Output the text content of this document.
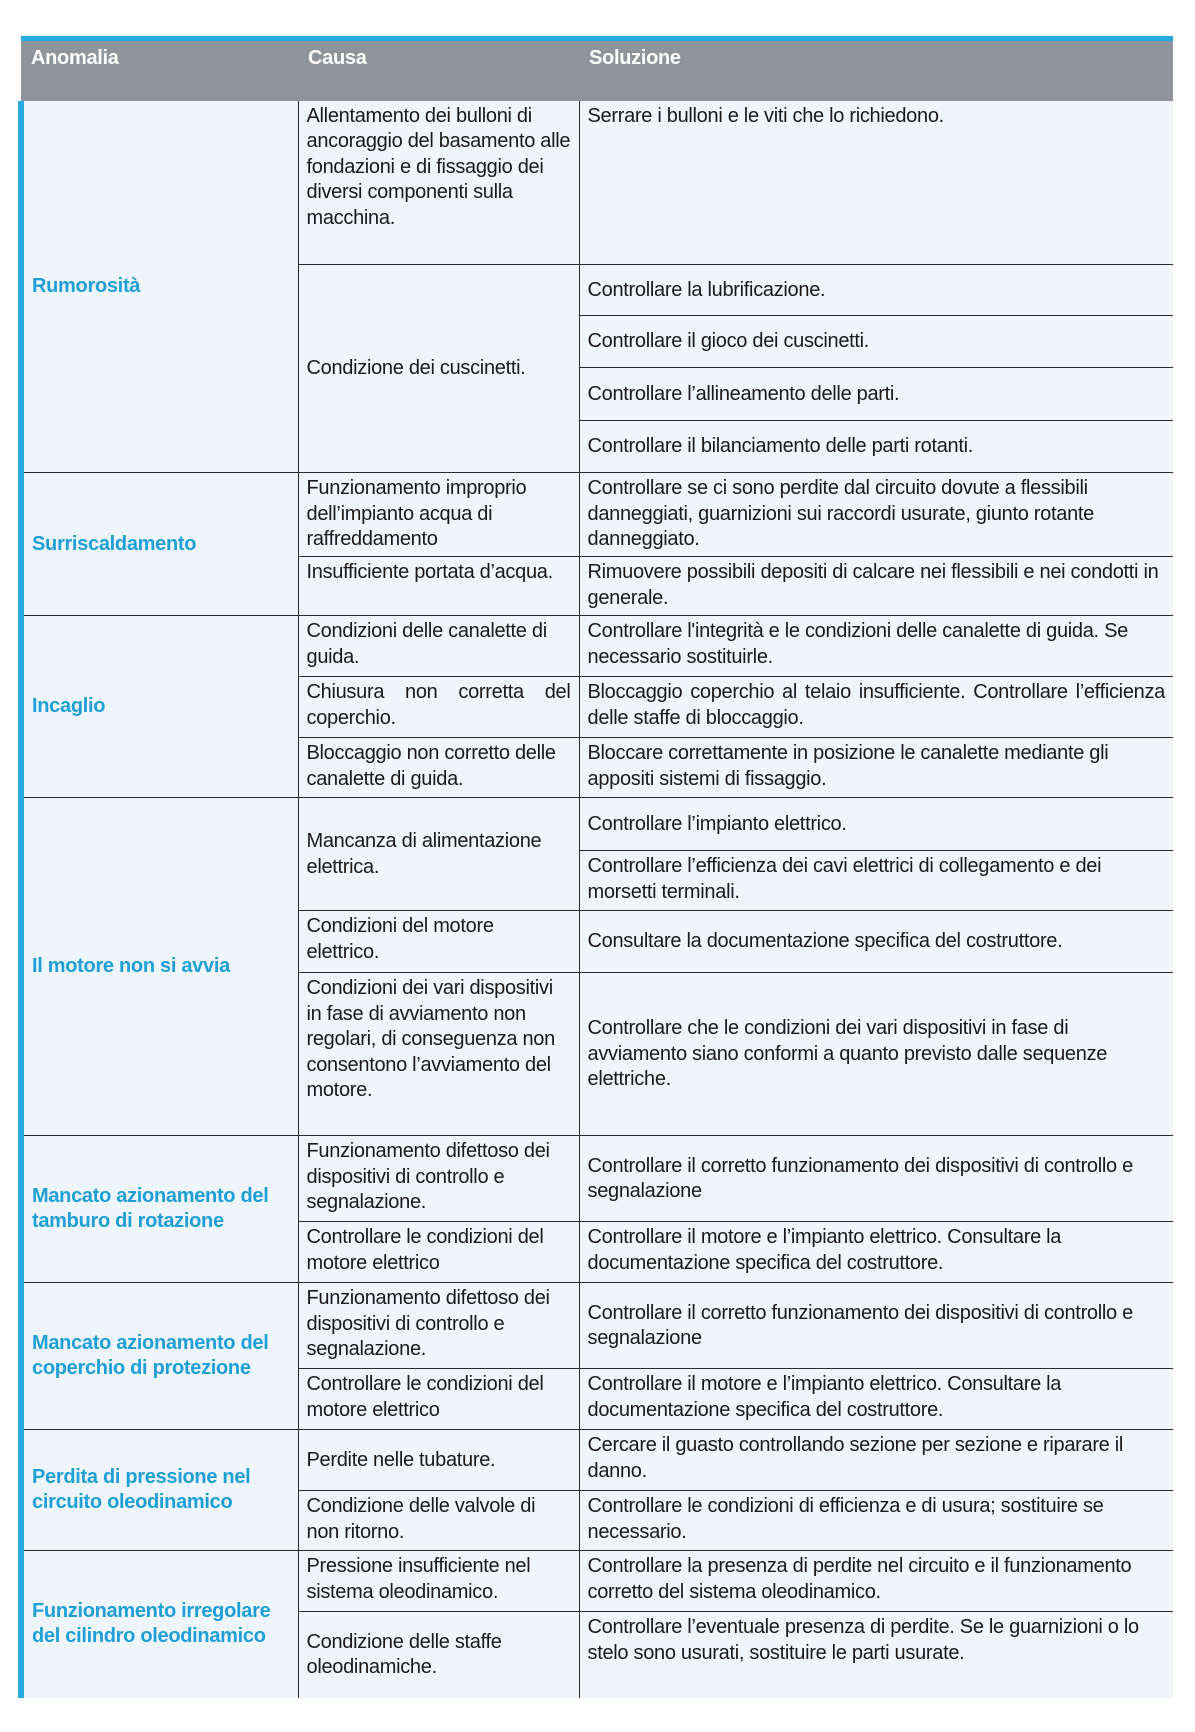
Anomalia	Causa	Soluzione
Rumorosità	Allentamento dei bulloni di ancoraggio del basamento alle fondazioni e di fissaggio dei diversi componenti sulla macchina.	Serrare i bulloni e le viti che lo richiedono.
	Condizione dei cuscinetti.	Controllare la lubrificazione.
		Controllare il gioco dei cuscinetti.
		Controllare l’allineamento delle parti.
		Controllare il bilanciamento delle parti rotanti.
Surriscaldamento	Funzionamento improprio dell’impianto acqua di raffreddamento	Controllare se ci sono perdite dal circuito dovute a flessibili danneggiati, guarnizioni sui raccordi usurate, giunto rotante danneggiato.
	Insufficiente portata d’acqua.	Rimuovere possibili depositi di calcare nei flessibili e nei condotti in generale.
Incaglio	Condizioni delle canalette di guida.	Controllare l'integrità e le condizioni delle canalette di guida. Se necessario sostituirle.
	Chiusura non corretta del coperchio.	Bloccaggio coperchio al telaio insufficiente. Controllare l’efficienza delle staffe di bloccaggio.
	Bloccaggio non corretto delle canalette di guida.	Bloccare correttamente in posizione le canalette mediante gli appositi sistemi di fissaggio.
Il motore non si avvia	Mancanza di alimentazione elettrica.	Controllare l’impianto elettrico.
		Controllare l’efficienza dei cavi elettrici di collegamento e dei morsetti terminali.
	Condizioni del motore elettrico.	Consultare la documentazione specifica del costruttore.
	Condizioni dei vari dispositivi in fase di avviamento non regolari, di conseguenza non consentono l’avviamento del motore.	Controllare che le condizioni dei vari dispositivi in fase di avviamento siano conformi a quanto previsto dalle sequenze elettriche.
Mancato azionamento del tamburo di rotazione	Funzionamento difettoso dei dispositivi di controllo e segnalazione.	Controllare il corretto funzionamento dei dispositivi di controllo e segnalazione
	Controllare le condizioni del motore elettrico	Controllare il motore e l’impianto elettrico. Consultare la documentazione specifica del costruttore.
Mancato azionamento del coperchio di protezione	Funzionamento difettoso dei dispositivi di controllo e segnalazione.	Controllare il corretto funzionamento dei dispositivi di controllo e segnalazione
	Controllare le condizioni del motore elettrico	Controllare il motore e l’impianto elettrico. Consultare la documentazione specifica del costruttore.
Perdita di pressione nel circuito oleodinamico	Perdite nelle tubature.	Cercare il guasto controllando sezione per sezione e riparare il danno.
	Condizione delle valvole di non ritorno.	Controllare le condizioni di efficienza e di usura; sostituire se necessario.
Funzionamento irregolare del cilindro oleodinamico	Pressione insufficiente nel sistema oleodinamico.	Controllare la presenza di perdite nel circuito e il funzionamento corretto del sistema oleodinamico.
	Condizione delle staffe oleodinamiche.	Controllare l’eventuale presenza di perdite. Se le guarnizioni o lo stelo sono usurati, sostituire le parti usurate.
